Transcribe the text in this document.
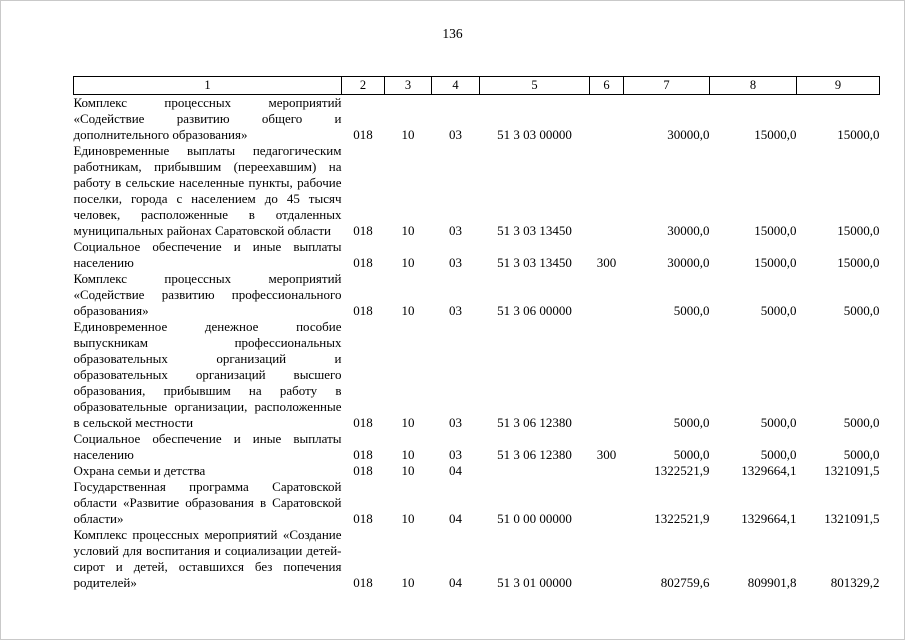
136
1	2	3	4	5	6	7	8	9
Комплекс процессных мероприятий «Содействие развитию общего и дополнительного образования»	018	10	03	51 3 03 00000		30000,0	15000,0	15000,0
Единовременные выплаты педагогическим работникам, прибывшим (переехавшим) на работу в сельские населенные пункты, рабочие поселки, города с населением до 45 тысяч человек, расположенные в отдаленных муниципальных районах Саратовской области	018	10	03	51 3 03 13450		30000,0	15000,0	15000,0
Социальное обеспечение и иные выплаты населению	018	10	03	51 3 03 13450	300	30000,0	15000,0	15000,0
Комплекс процессных мероприятий «Содействие развитию профессионального образования»	018	10	03	51 3 06 00000		5000,0	5000,0	5000,0
Единовременное денежное пособие выпускникам профессиональных образовательных организаций и образовательных организаций высшего образования, прибывшим на работу в образовательные организации, расположенные в сельской местности	018	10	03	51 3 06 12380		5000,0	5000,0	5000,0
Социальное обеспечение и иные выплаты населению	018	10	03	51 3 06 12380	300	5000,0	5000,0	5000,0
Охрана семьи и детства	018	10	04			1322521,9	1329664,1	1321091,5
Государственная программа Саратовской области «Развитие образования в Саратовской области»	018	10	04	51 0 00 00000		1322521,9	1329664,1	1321091,5
Комплекс процессных мероприятий «Создание условий для воспитания и социализации детей-сирот и детей, оставшихся без попечения родителей»	018	10	04	51 3 01 00000		802759,6	809901,8	801329,2
